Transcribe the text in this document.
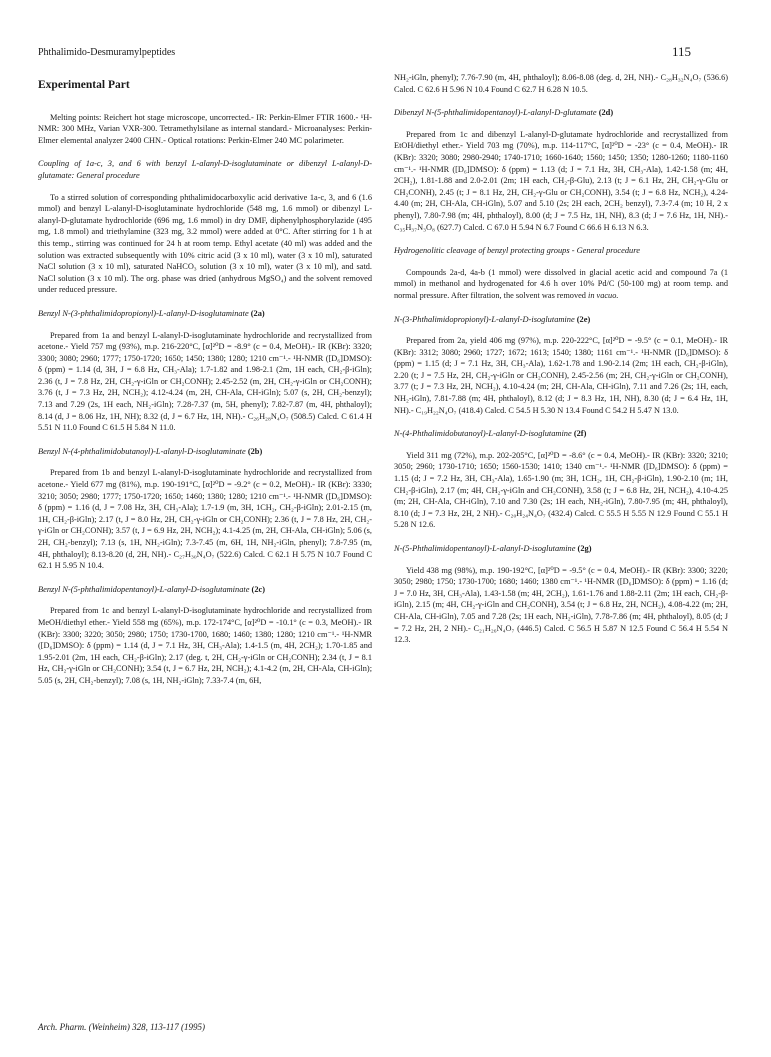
Phthalimido-Desmuramylpeptides	115
Experimental Part

Melting points: Reichert hot stage microscope, uncorrected.- IR: Perkin-Elmer FTIR 1600.- ¹H-NMR: 300 MHz, Varian VXR-300. Tetramethylsilane as internal standard.- Microanalyses: Perkin-Elmer elemental analyzer 2400 CHN.- Optical rotations: Perkin-Elmer 240 MC polarimeter.

Coupling of 1a-c, 3, and 6 with benzyl L-alanyl-D-isoglutaminate or dibenzyl L-alanyl-D-glutamate: General procedure

To a stirred solution of corresponding phthalimidocarboxylic acid derivative 1a-c, 3, and 6 (1.6 mmol) and benzyl L-alanyl-D-isoglutaminate hydrochloride (548 mg, 1.6 mmol) or dibenzyl L-alanyl-D-glutamate hydrochloride (696 mg, 1.6 mmol) in dry DMF, diphenylphosphorylazide (495 mg, 1.8 mmol) and triethylamine (323 mg, 3.2 mmol) were added at 0°C. After stirring for 1 h at this temp., stirring was continued for 24 h at room temp. Ethyl acetate (40 ml) was added and the solution was extracted subsequently with 10% citric acid (3 x 10 ml), water (3 x 10 ml), saturated NaCl solution (3 x 10 ml), saturated NaHCO₃ solution (3 x 10 ml), water (3 x 10 ml), and satd. NaCl solution (3 x 10 ml). The org. phase was dried (anhydrous MgSO₄) and the solvent removed under reduced pressure.

Benzyl N-(3-phthalimidopropionyl)-L-alanyl-D-isoglutaminate (2a)

Prepared from 1a and benzyl L-alanyl-D-isoglutaminate hydrochloride and recrystallized from acetone.- Yield 757 mg (93%), m.p. 216-220°C, [α]²⁰D = -8.9° (c = 0.4, MeOH).- IR (KBr): 3320; 3300; 3080; 2960; 1777; 1750-1720; 1650; 1450; 1380; 1280; 1210 cm⁻¹.- ¹H-NMR ([D₆]DMSO): δ (ppm) = 1.14 (d, 3H, J = 6.8 Hz, CH₃-Ala); 1.7-1.82 and 1.98-2.1 (2m, 1H each, CH₂-β-iGln); 2.36 (t, J = 7.8 Hz, 2H, CH₂-γ-iGln or CH₂CONH); 2.45-2.52 (m, 2H, CH₂-γ-iGln or CH₂CONH); 3.76 (t, J = 7.3 Hz, 2H, NCH₂); 4.12-4.24 (m, 2H, CH-Ala, CH-iGln); 5.07 (s, 2H, CH₂-benzyl); 7.13 and 7.29 (2s, 1H each, NH₂-iGln); 7.28-7.37 (m, 5H, phenyl); 7.82-7.87 (m, 4H, phthaloyl); 8.14 (d, J = 8.06 Hz, 1H, NH); 8.32 (d, J = 6.7 Hz, 1H, NH).- C₂₆H₂₈N₄O₇ (508.5) Calcd. C 61.4 H 5.51 N 11.0 Found C 61.5 H 5.84 N 11.0.

Benzyl N-(4-phthalimidobutanoyl)-L-alanyl-D-isoglutaminate (2b)

Prepared from 1b and benzyl L-alanyl-D-isoglutaminate hydrochloride and recrystallized from acetone.- Yield 677 mg (81%), m.p. 190-191°C, [α]²⁰D = -9.2° (c = 0.2, MeOH).- IR (KBr): 3330; 3210; 3050; 2980; 1777; 1750-1720; 1650; 1460; 1380; 1280; 1210 cm⁻¹.- ¹H-NMR ([D₆]DMSO): δ (ppm) = 1.16 (d, J = 7.08 Hz, 3H, CH₃-Ala); 1.7-1.9 (m, 3H, 1CH₂, CH₂-β-iGln); 2.01-2.15 (m, 1H, CH₂-β-iGln); 2.17 (t, J = 8.0 Hz, 2H, CH₂-γ-iGln or CH₂CONH); 2.36 (t, J = 7.8 Hz, 2H, CH₂-γ-iGln or CH₂CONH); 3.57 (t, J = 6.9 Hz, 2H, NCH₂); 4.1-4.25 (m, 2H, CH-Ala, CH-iGln); 5.06 (s, 2H, CH₂-benzyl); 7.13 (s, 1H, NH₂-iGln); 7.3-7.45 (m, 6H, 1H, NH₂-iGln, phenyl); 7.8-7.95 (m, 4H, phthaloyl); 8.13-8.20 (d, 2H, NH).- C₂₇H₃₀N₄O₇ (522.6) Calcd. C 62.1 H 5.75 N 10.7 Found C 62.1 H 5.95 N 10.4.

Benzyl N-(5-phthalimidopentanoyl)-L-alanyl-D-isoglutaminate (2c)

Prepared from 1c and benzyl L-alanyl-D-isoglutaminate hydrochloride and recrystallized from MeOH/diethyl ether.- Yield 558 mg (65%), m.p. 172-174°C, [α]²⁰D = -10.1° (c = 0.3, MeOH).- IR (KBr): 3300; 3220; 3050; 2980; 1750; 1730-1700, 1680; 1460; 1380; 1280; 1210 cm⁻¹.- ¹H-NMR ([D₆]DMSO): δ (ppm) = 1.14 (d, J = 7.1 Hz, 3H, CH₃-Ala); 1.4-1.5 (m, 4H, 2CH₂); 1.70-1.85 and 1.95-2.01 (2m, 1H each, CH₂-β-iGln); 2.17 (deg. t, 2H, CH₂-γ-iGln or CH₂CONH); 2.34 (t, J = 8.1 Hz, CH₂-γ-iGln or CH₂CONH); 3.54 (t, J = 6.7 Hz, 2H, NCH₂); 4.1-4.2 (m, 2H, CH-Ala, CH-iGln); 5.05 (s, 2H, CH₂-benzyl); 7.08 (s, 1H, NH₂-iGln); 7.33-7.4 (m, 6H,

NH₂-iGln, phenyl); 7.76-7.90 (m, 4H, phthaloyl); 8.06-8.08 (deg. d, 2H, NH).- C₂₈H₃₂N₄O₇ (536.6) Calcd. C 62.6 H 5.96 N 10.4 Found C 62.7 H 6.28 N 10.5.

Dibenzyl N-(5-phthalimidopentanoyl)-L-alanyl-D-glutamate (2d)

Prepared from 1c and dibenzyl L-alanyl-D-glutamate hydrochloride and recrystallized from EtOH/diethyl ether.- Yield 703 mg (70%), m.p. 114-117°C, [α]²⁰D = -23° (c = 0.4, MeOH).- IR (KBr): 3320; 3080; 2980-2940; 1740-1710; 1660-1640; 1560; 1450; 1350; 1280-1260; 1180-1160 cm⁻¹.- ¹H-NMR ([D₆]DMSO): δ (ppm) = 1.13 (d; J = 7.1 Hz, 3H, CH₃-Ala), 1.42-1.58 (m; 4H, 2CH₂), 1.81-1.88 and 2.0-2.01 (2m; 1H each, CH₂-β-Glu), 2.13 (t; J = 6.1 Hz, 2H, CH₂-γ-Glu or CH₂CONH), 2.45 (t; J = 8.1 Hz, 2H, CH₂-γ-Glu or CH₂CONH), 3.54 (t; J = 6.8 Hz, NCH₂), 4.24-4.40 (m; 2H, CH-Ala, CH-iGln), 5.07 and 5.10 (2s; 2H each, 2CH₂ benzyl), 7.3-7.4 (m; 10 H, 2 x phenyl), 7.80-7.98 (m; 4H, phthaloyl), 8.00 (d; J = 7.5 Hz, 1H, NH), 8.3 (d; J = 7.6 Hz, 1H, NH).- C₃₅H₃₇N₃O₈ (627.7) Calcd. C 67.0 H 5.94 N 6.7 Found C 66.6 H 6.13 N 6.3.

Hydrogenolitic cleavage of benzyl protecting groups - General procedure

Compounds 2a-d, 4a-b (1 mmol) were dissolved in glacial acetic acid and compound 7a (1 mmol) in methanol and hydrogenated for 4.6 h over 10% Pd/C (50-100 mg) at room temp. and normal pressure. After filtration, the solvent was removed in vacuo.

N-(3-Phthalimidopropionyl)-L-alanyl-D-isoglutamine (2e)

Prepared from 2a, yield 406 mg (97%), m.p. 220-222°C, [α]²⁰D = -9.5° (c = 0.1, MeOH).- IR (KBr): 3312; 3080; 2960; 1727; 1672; 1613; 1540; 1380; 1161 cm⁻¹.- ¹H-NMR ([D₆]DMSO): δ (ppm) = 1.15 (d; J = 7.1 Hz, 3H, CH₃-Ala), 1.62-1.78 and 1.90-2.14 (2m; 1H each, CH₂-β-iGln), 2.20 (t; J = 7.5 Hz, 2H, CH₂-γ-iGln or CH₂CONH), 2.45-2.56 (m; 2H, CH₂-γ-iGln or CH₂CONH), 3.77 (t; J = 7.3 Hz, 2H, NCH₂), 4.10-4.24 (m; 2H, CH-Ala, CH-iGln), 7.11 and 7.26 (2s; 1H, each, NH₂-iGln), 7.81-7.88 (m; 4H, phthaloyl), 8.12 (d; J = 8.3 Hz, 1H, NH), 8.30 (d; J = 6.4 Hz, 1H, NH).- C₁₉H₂₂N₄O₇ (418.4) Calcd. C 54.5 H 5.30 N 13.4 Found C 54.2 H 5.47 N 13.0.

N-(4-Phthalimidobutanoyl)-L-alanyl-D-isoglutamine (2f)

Yield 311 mg (72%), m.p. 202-205°C, [α]²⁰D = -8.6° (c = 0.4, MeOH).- IR (KBr): 3320; 3210; 3050; 2960; 1730-1710; 1650; 1560-1530; 1410; 1340 cm⁻¹.- ¹H-NMR ([D₆]DMSO): δ (ppm) = 1.15 (d; J = 7.2 Hz, 3H, CH₃-Ala), 1.65-1.90 (m; 3H, 1CH₂, 1H, CH₂-β-iGln), 1.90-2.10 (m; 1H, CH₂-β-iGln), 2.17 (m; 4H, CH₂-γ-iGln and CH₂CONH), 3.58 (t; J = 6.8 Hz, 2H, NCH₂), 4.10-4.25 (m; 2H, CH-Ala, CH-iGln), 7.10 and 7.30 (2s; 1H each, NH₂-iGln), 7.80-7.95 (m; 4H, phthaloyl), 8.10 (d; J = 7.3 Hz, 2H, 2 NH).- C₂₀H₂₄N₄O₇ (432.4) Calcd. C 55.5 H 5.55 N 12.9 Found C 55.1 H 5.28 N 12.6.

N-(5-Phthalimidopentanoyl)-L-alanyl-D-isoglutamine (2g)

Yield 438 mg (98%), m.p. 190-192°C, [α]²⁰D = -9.5° (c = 0.4, MeOH).- IR (KBr): 3300; 3220; 3050; 2980; 1750; 1730-1700; 1680; 1460; 1380 cm⁻¹.- ¹H-NMR ([D₆]DMSO): δ (ppm) = 1.16 (d; J = 7.0 Hz, 3H, CH₃-Ala), 1.43-1.58 (m; 4H, 2CH₂), 1.61-1.76 and 1.88-2.11 (2m; 1H each, CH₂-β-iGln), 2.15 (m; 4H, CH₂-γ-iGln and CH₂CONH), 3.54 (t; J = 6.8 Hz, 2H, NCH₂), 4.08-4.22 (m; 2H, CH-Ala, CH-iGln), 7.05 and 7.28 (2s; 1H each, NH₂-iGln), 7.78-7.86 (m; 4H, phthaloyl), 8.05 (d; J = 7.2 Hz, 2H, 2 NH).- C₂₁H₂₆N₄O₇ (446.5) Calcd. C 56.5 H 5.87 N 12.5 Found C 56.4 H 5.54 N 12.3.

Arch. Pharm. (Weinheim) 328, 113-117 (1995)
